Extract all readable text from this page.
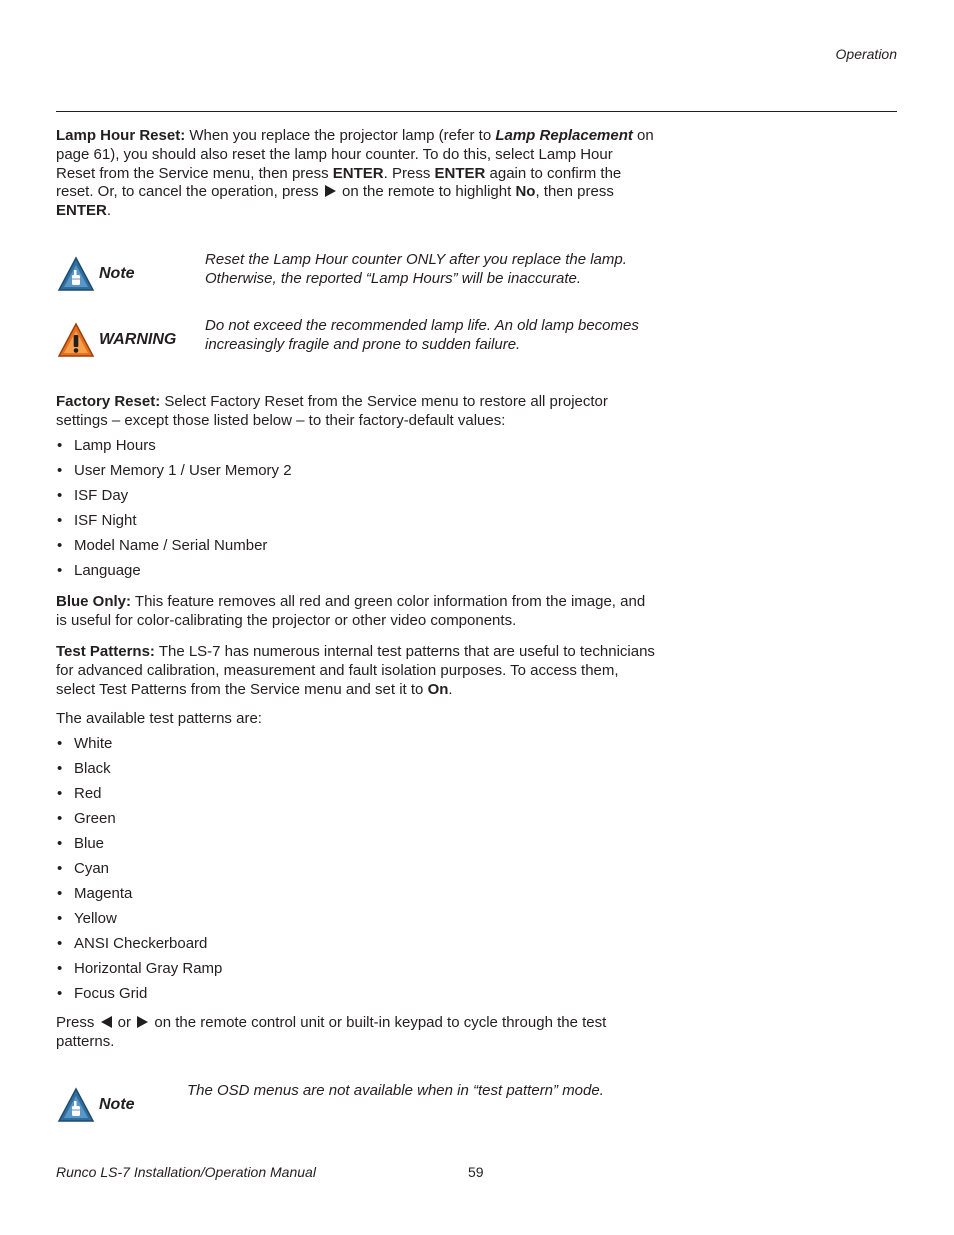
Operation

Lamp Hour Reset: When you replace the projector lamp (refer to Lamp Replacement on page 61), you should also reset the lamp hour counter. To do this, select Lamp Hour Reset from the Service menu, then press ENTER. Press ENTER again to confirm the reset. Or, to cancel the operation, press  on the remote to highlight No, then press ENTER.

Note

Reset the Lamp Hour counter ONLY after you replace the lamp.

Otherwise, the reported “Lamp Hours” will be inaccurate.

WARNING

Do not exceed the recommended lamp life. An old lamp becomes

increasingly fragile and prone to sudden failure.

Factory Reset: Select Factory Reset from the Service menu to restore all projector settings – except those listed below – to their factory-default values:

• Lamp Hours
• User Memory 1 / User Memory 2
• ISF Day
• ISF Night
• Model Name / Serial Number
• Language

Blue Only: This feature removes all red and green color information from the image, and is useful for color-calibrating the projector or other video components.

Test Patterns: The LS-7 has numerous internal test patterns that are useful to technicians for advanced calibration, measurement and fault isolation purposes. To access them, select Test Patterns from the Service menu and set it to On.

The available test patterns are:

• White
• Black
• Red
• Green
• Blue
• Cyan
• Magenta
• Yellow
• ANSI Checkerboard
• Horizontal Gray Ramp
• Focus Grid

Press  or  on the remote control unit or built-in keypad to cycle through the test patterns.

Note

The OSD menus are not available when in “test pattern” mode.

Runco LS-7 Installation/Operation Manual	59
